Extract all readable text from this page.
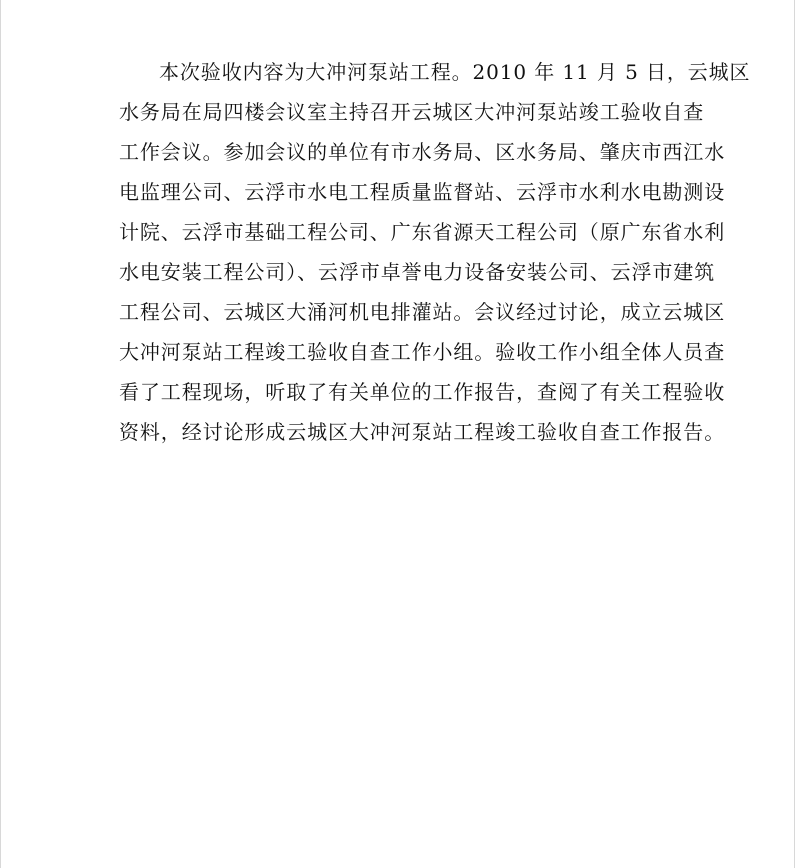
本次验收内容为大冲河泵站工程。2010 年 11 月 5 日，云城区
水务局在局四楼会议室主持召开云城区大冲河泵站竣工验收自查
工作会议。参加会议的单位有市水务局、区水务局、肇庆市西江水
电监理公司、云浮市水电工程质量监督站、云浮市水利水电勘测设
计院、云浮市基础工程公司、广东省源天工程公司（原广东省水利
水电安装工程公司）、云浮市卓誉电力设备安装公司、云浮市建筑
工程公司、云城区大涌河机电排灌站。会议经过讨论，成立云城区
大冲河泵站工程竣工验收自查工作小组。验收工作小组全体人员查
看了工程现场，听取了有关单位的工作报告，查阅了有关工程验收
资料，经讨论形成云城区大冲河泵站工程竣工验收自查工作报告。
